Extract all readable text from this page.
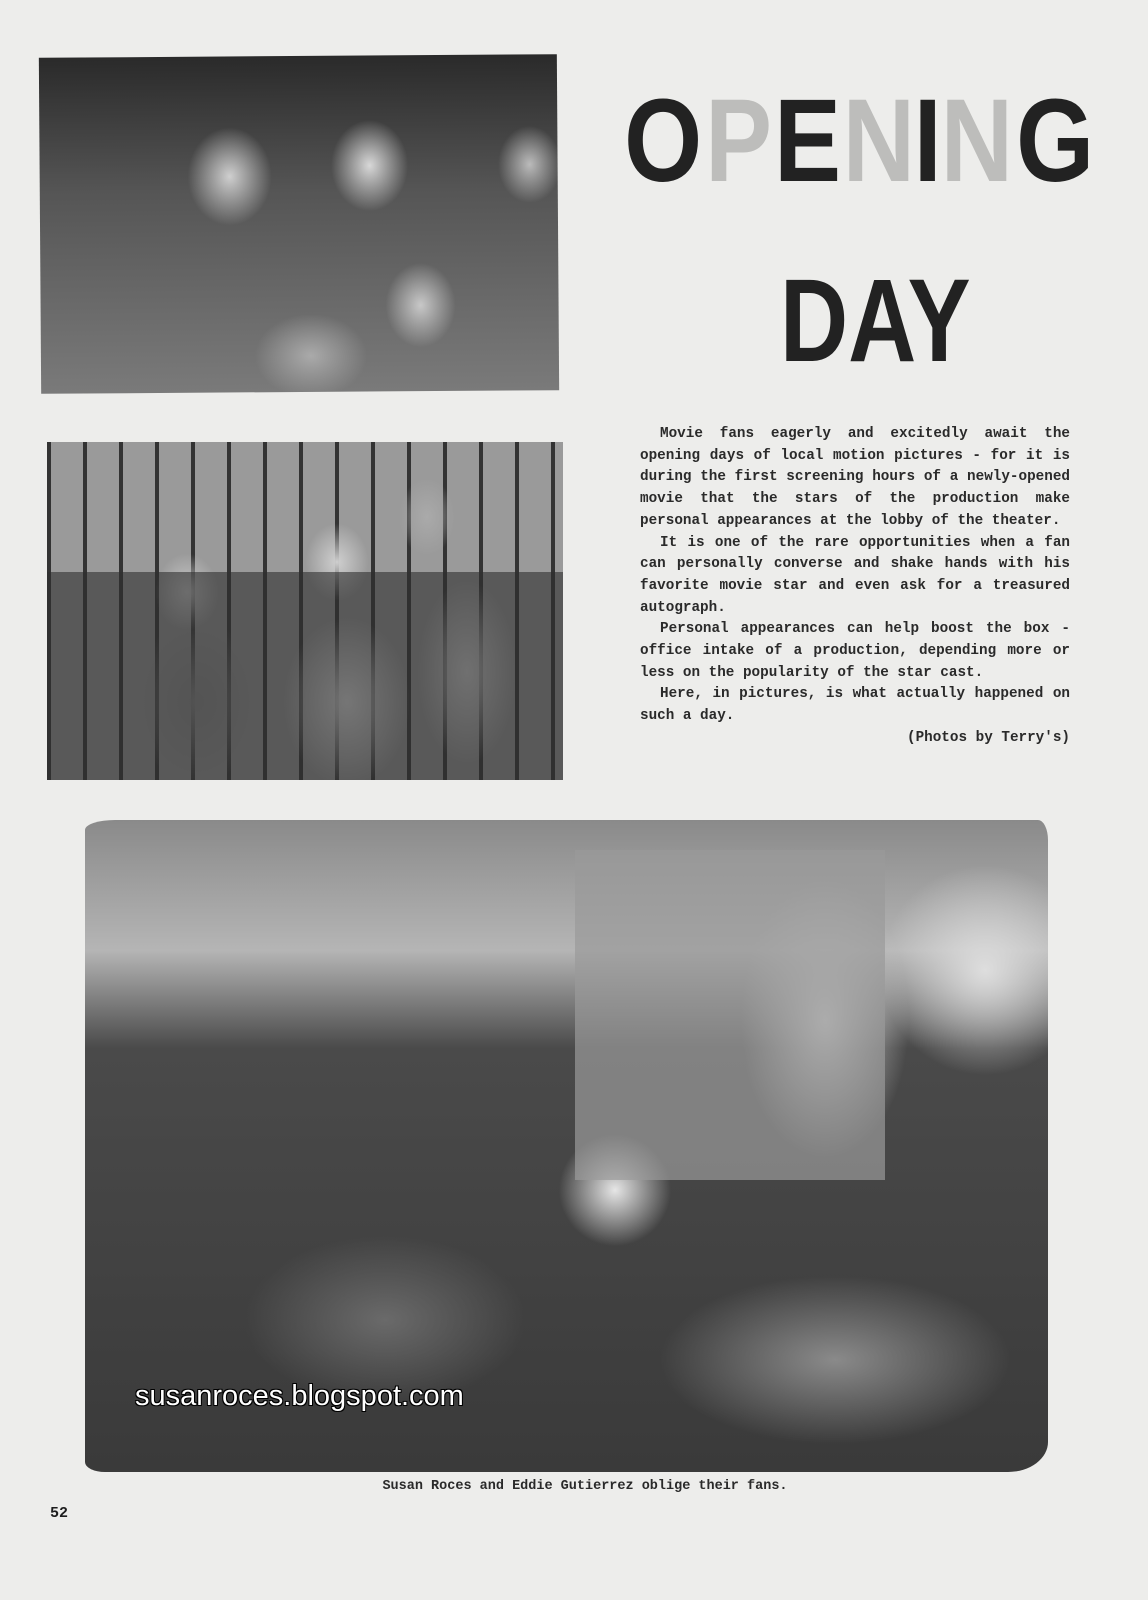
susanroces.blogspot.com
O P E N I N G
DAY

Movie fans eagerly and excitedly await the opening days of local motion pictures - for it is during the first screening hours of a newly-opened movie that the stars of the production make personal appearances at the lobby of the theater.

It is one of the rare opportunities when a fan can personally converse and shake hands with his favorite movie star and even ask for a treasured autograph.

Personal appearances can help boost the box - office intake of a production, depending more or less on the popularity of the star cast.

Here, in pictures, is what actually happened on such a day.

(Photos by Terry's)

Susan Roces and Eddie Gutierrez oblige their fans.
52
